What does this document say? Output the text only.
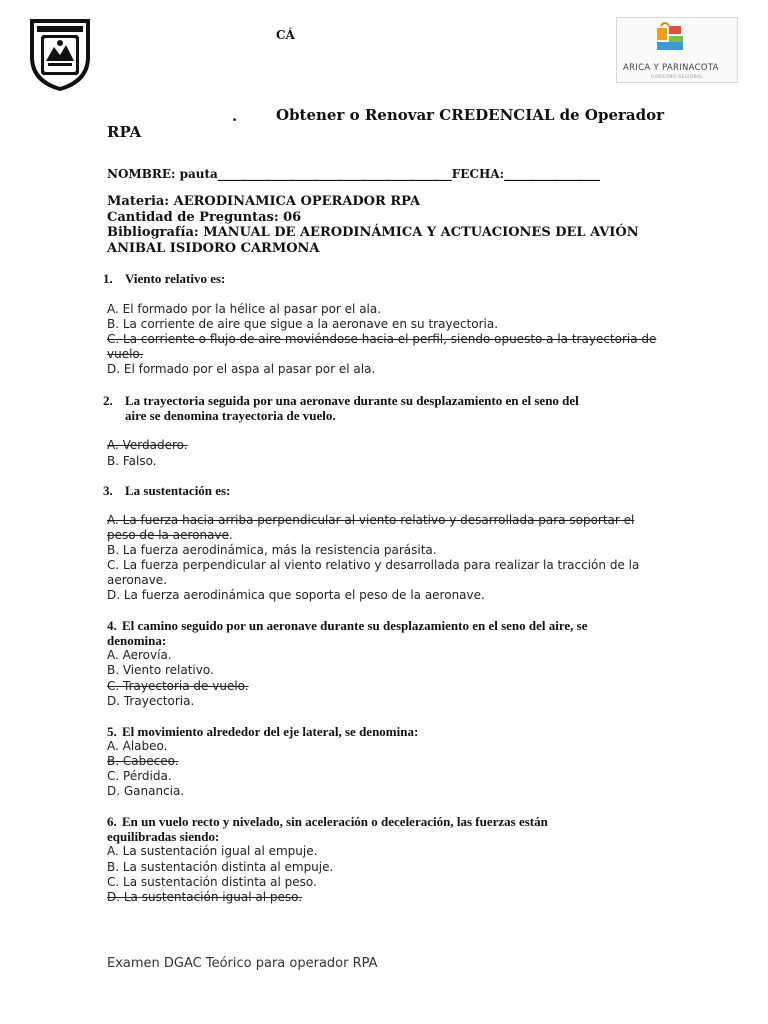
CÁ
ARICA Y PARINACOTA
GOBIERNO REGIONAL
·	Obtener o Renovar CREDENCIAL de Operador
RPA
NOMBRE: pauta_______________________________________FECHA:________________
Materia: AERODINAMICA OPERADOR RPA
Cantidad de Preguntas: 06
Bibliografía: MANUAL DE AERODINÁMICA Y ACTUACIONES DEL AVIÓN
ANIBAL ISIDORO CARMONA
1. Viento relativo es:
A. El formado por la hélice al pasar por el ala.
B. La corriente de aire que sigue a la aeronave en su trayectoria.
C. La corriente o flujo de aire moviéndose hacia el perfil, siendo opuesto a la trayectoria de
vuelo.
D. El formado por el aspa al pasar por el ala.
2. La trayectoria seguida por una aeronave durante su desplazamiento en el seno del
aire se denomina trayectoria de vuelo.
A. Verdadero.
B. Falso.
3. La sustentación es:
A. La fuerza hacia arriba perpendicular al viento relativo y desarrollada para soportar el
peso de la aeronave.
B. La fuerza aerodinámica, más la resistencia parásita.
C. La fuerza perpendicular al viento relativo y desarrollada para realizar la tracción de la
aeronave.
D. La fuerza aerodinámica que soporta el peso de la aeronave.
4. El camino seguido por un aeronave durante su desplazamiento en el seno del aire, se
denomina:
A. Aerovía.
B. Viento relativo.
C. Trayectoria de vuelo.
D. Trayectoria.
5. El movimiento alrededor del eje lateral, se denomina:
A. Alabeo.
B. Cabeceo.
C. Pérdida.
D. Ganancia.
6. En un vuelo recto y nivelado, sin aceleración o deceleración, las fuerzas están
equilibradas siendo:
A. La sustentación igual al empuje.
B. La sustentación distinta al empuje.
C. La sustentación distinta al peso.
D. La sustentación igual al peso.
Examen DGAC Teórico para operador RPA
